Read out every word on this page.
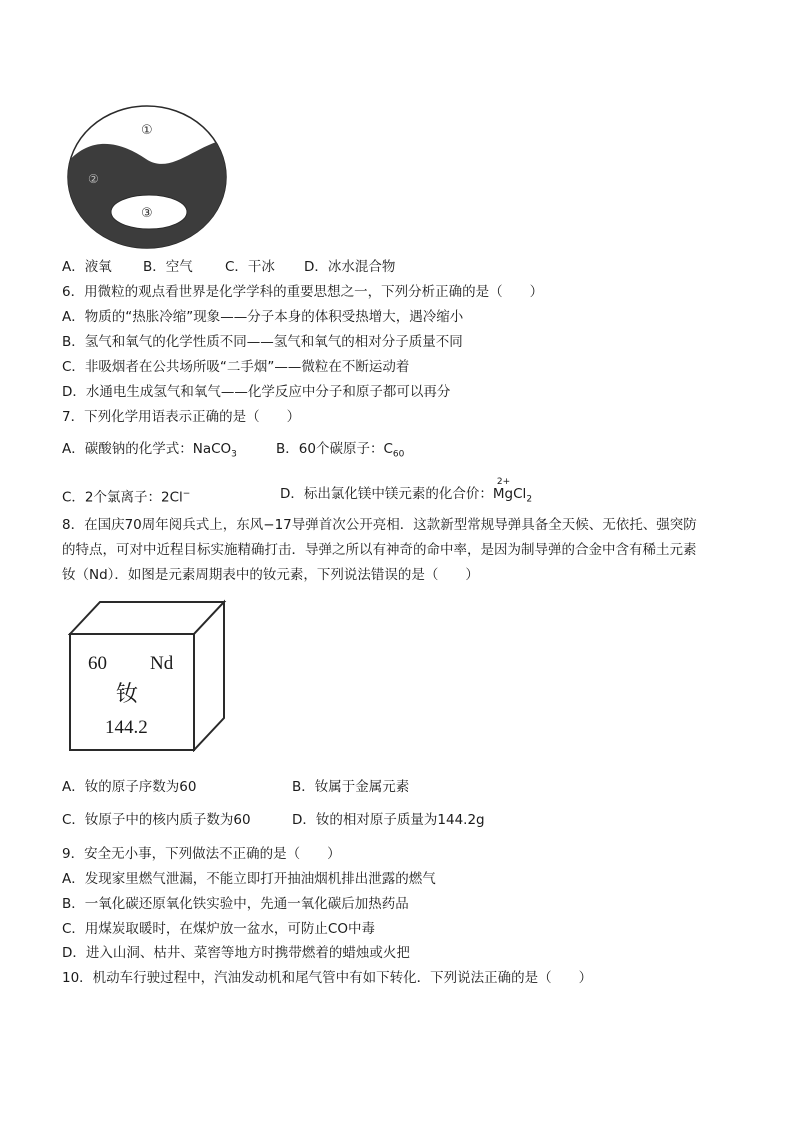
①
②
③
A．液氧 B．空气 C．干冰 D．冰水混合物
6．用微粒的观点看世界是化学学科的重要思想之一，下列分析正确的是（　　）
A．物质的“热胀冷缩”现象——分子本身的体积受热增大，遇冷缩小
B．氢气和氧气的化学性质不同——氢气和氧气的相对分子质量不同
C．非吸烟者在公共场所吸“二手烟”——微粒在不断运动着
D．水通电生成氢气和氧气——化学反应中分子和原子都可以再分
7．下列化学用语表示正确的是（　　）
A．碳酸钠的化学式：NaCO$_3$	B．60个碳原子：$C_{60}$
C．2个氯离子：2Cl−	D．标出氯化镁中镁元素的化合价：
2+
MgCl$_2$
8．在国庆70周年阅兵式上，东风−17导弹首次公开亮相．这款新型常规导弹具备全天候、无依托、强突防
的特点，可对中近程目标实施精确打击．导弹之所以有神奇的命中率，是因为制导弹的合金中含有稀土元素
钕（Nd）．如图是元素周期表中的钕元素，下列说法错误的是（　　）
60 Nd
钕
144.2
A．钕的原子序数为60	B．钕属于金属元素
C．钕原子中的核内质子数为60	D．钕的相对原子质量为144.2g
9．安全无小事，下列做法不正确的是（　　）
A．发现家里燃气泄漏，不能立即打开抽油烟机排出泄露的燃气
B．一氧化碳还原氧化铁实验中，先通一氧化碳后加热药品
C．用煤炭取暖时，在煤炉放一盆水，可防止CO中毒
D．进入山洞、枯井、菜窖等地方时携带燃着的蜡烛或火把
10．机动车行驶过程中，汽油发动机和尾气管中有如下转化．下列说法正确的是（　　）
